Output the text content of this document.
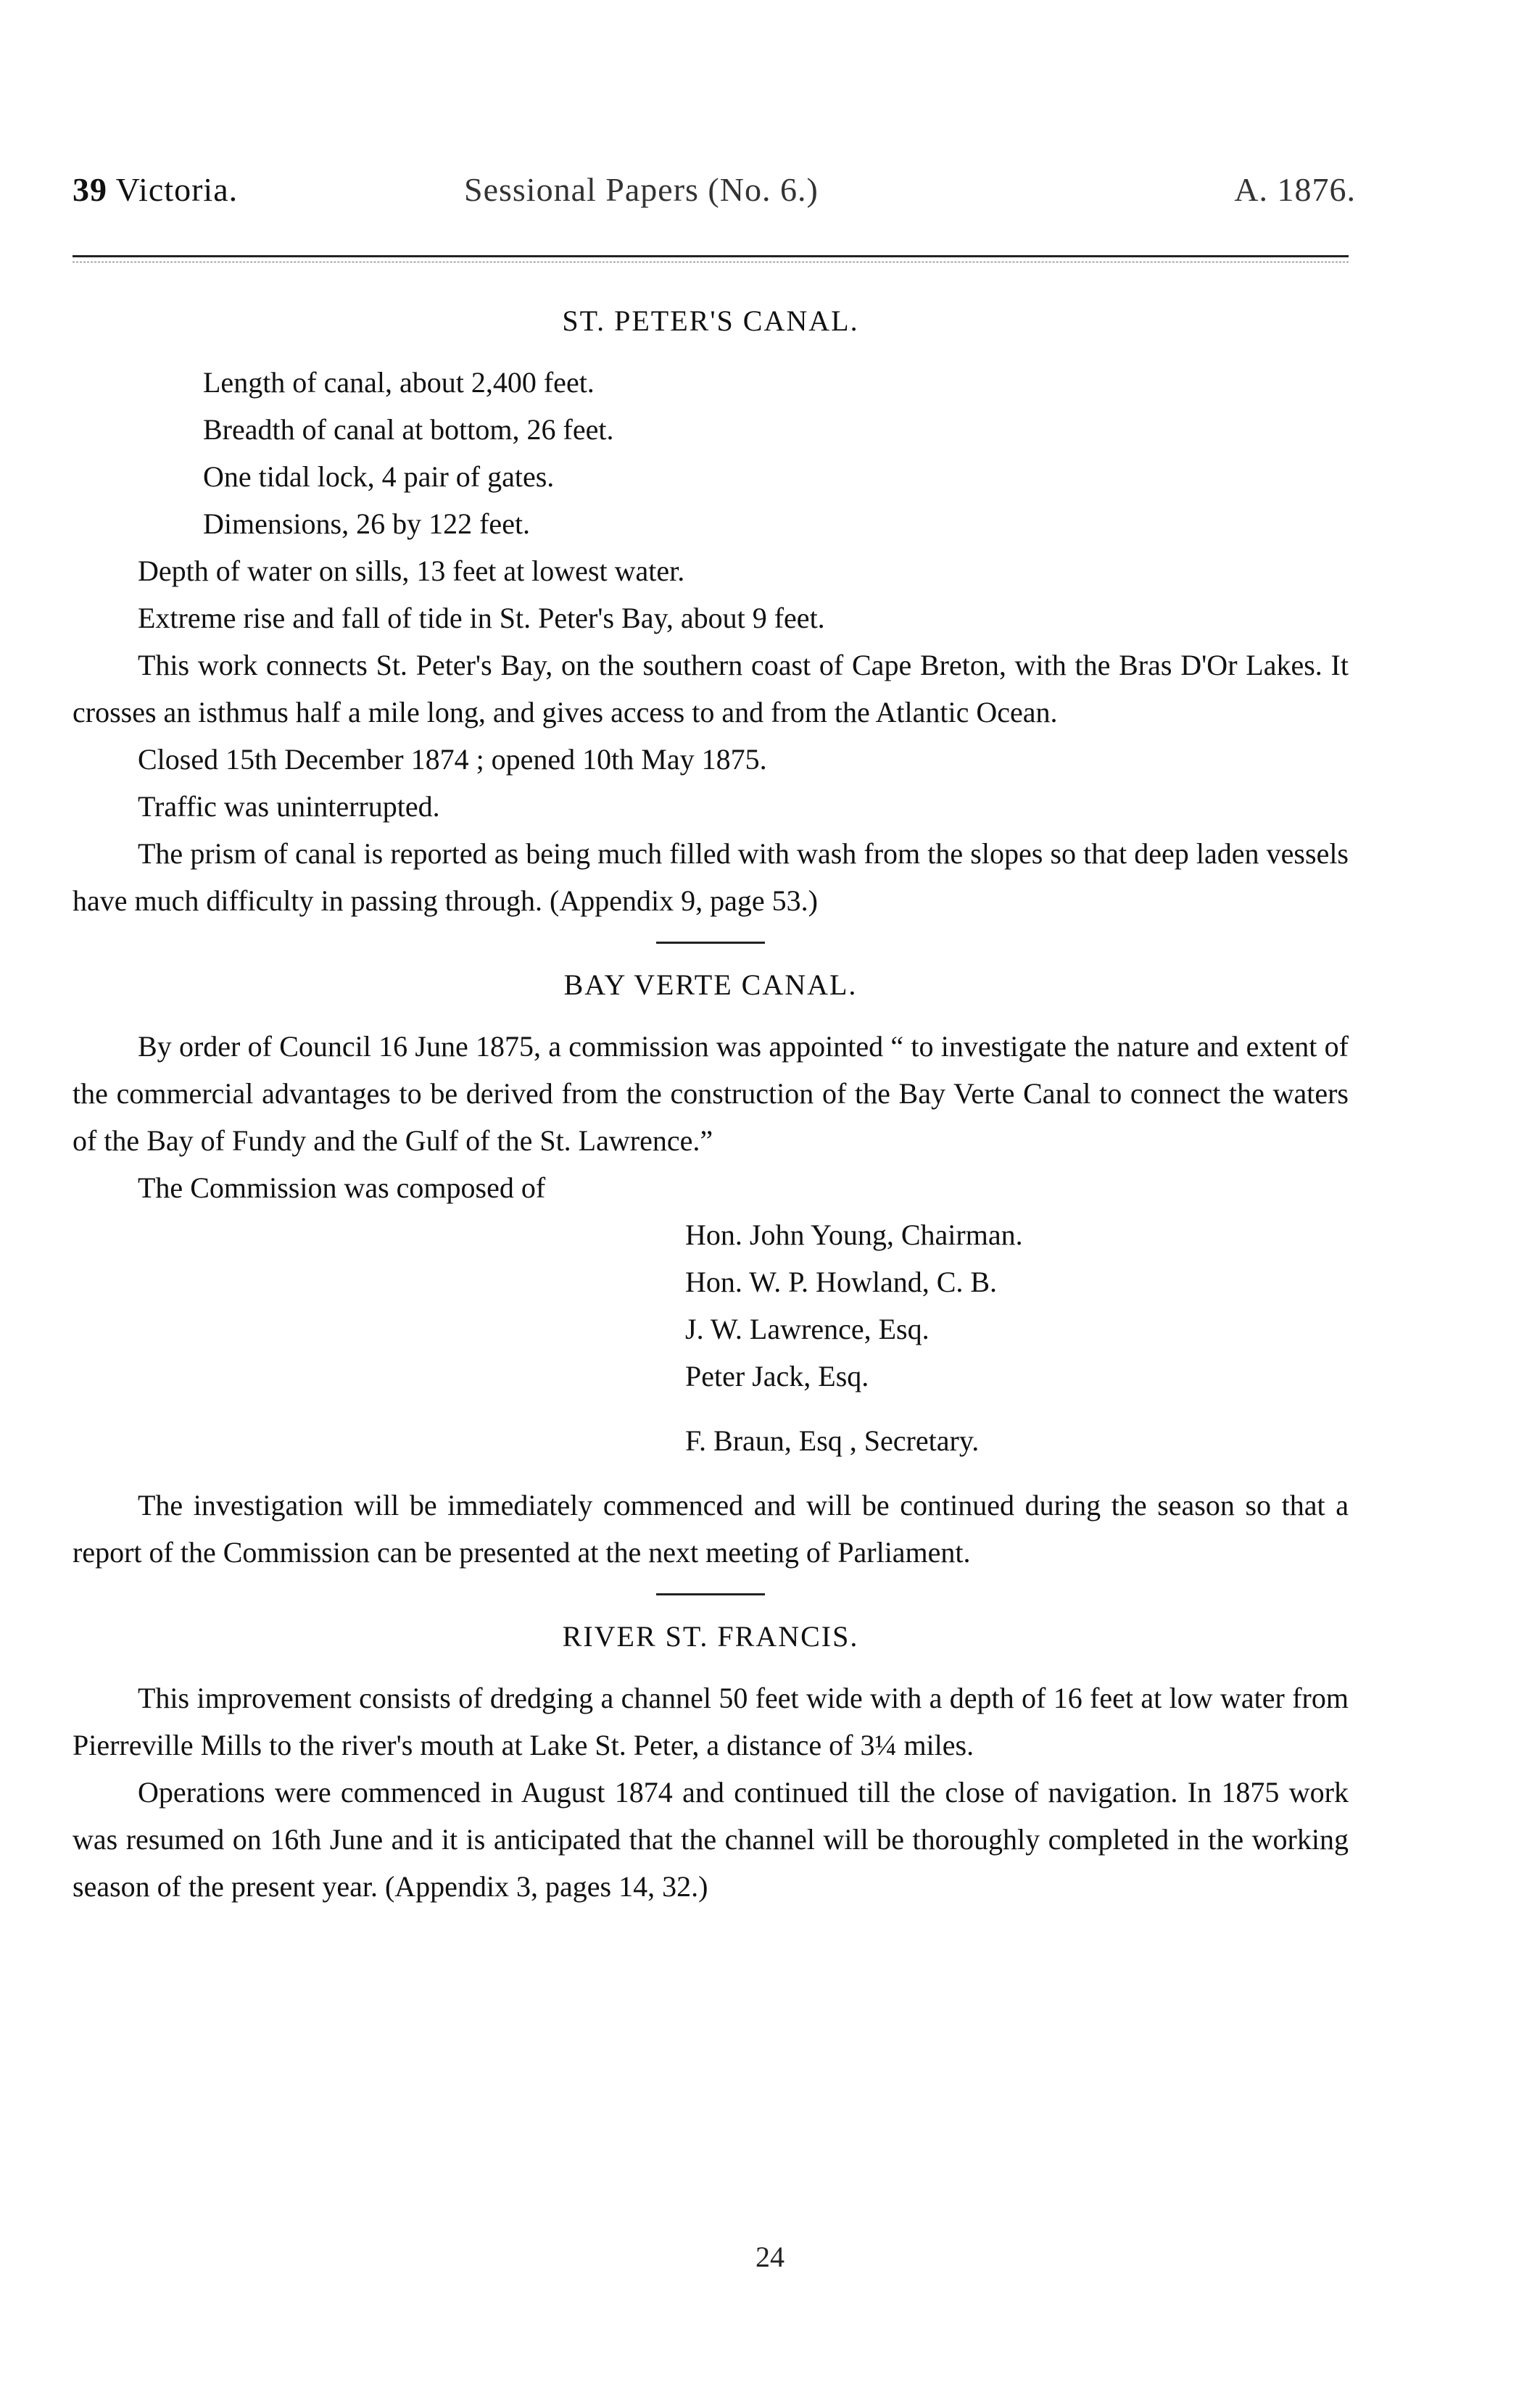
39 Victoria.	Sessional Papers (No. 6.)	A. 1876.
ST. PETER'S CANAL.

Length of canal, about 2,400 feet.

Breadth of canal at bottom, 26 feet.

One tidal lock, 4 pair of gates.

Dimensions, 26 by 122 feet.

Depth of water on sills, 13 feet at lowest water.

Extreme rise and fall of tide in St. Peter's Bay, about 9 feet.

This work connects St. Peter's Bay, on the southern coast of Cape Breton, with the Bras D'Or Lakes. It crosses an isthmus half a mile long, and gives access to and from the Atlantic Ocean.

Closed 15th December 1874 ; opened 10th May 1875.

Traffic was uninterrupted.

The prism of canal is reported as being much filled with wash from the slopes so that deep laden vessels have much difficulty in passing through. (Appendix 9, page 53.)

BAY VERTE CANAL.

By order of Council 16 June 1875, a commission was appointed “ to investigate the nature and extent of the commercial advantages to be derived from the construction of the Bay Verte Canal to connect the waters of the Bay of Fundy and the Gulf of the St. Lawrence.”

The Commission was composed of

Hon. John Young, Chairman.

Hon. W. P. Howland, C. B.

J. W. Lawrence, Esq.

Peter Jack, Esq.

F. Braun, Esq , Secretary.

The investigation will be immediately commenced and will be continued during the season so that a report of the Commission can be presented at the next meeting of Parliament.

RIVER ST. FRANCIS.

This improvement consists of dredging a channel 50 feet wide with a depth of 16 feet at low water from Pierreville Mills to the river's mouth at Lake St. Peter, a distance of 3¼ miles.

Operations were commenced in August 1874 and continued till the close of navigation. In 1875 work was resumed on 16th June and it is anticipated that the channel will be thoroughly completed in the working season of the present year. (Appendix 3, pages 14, 32.)

24
